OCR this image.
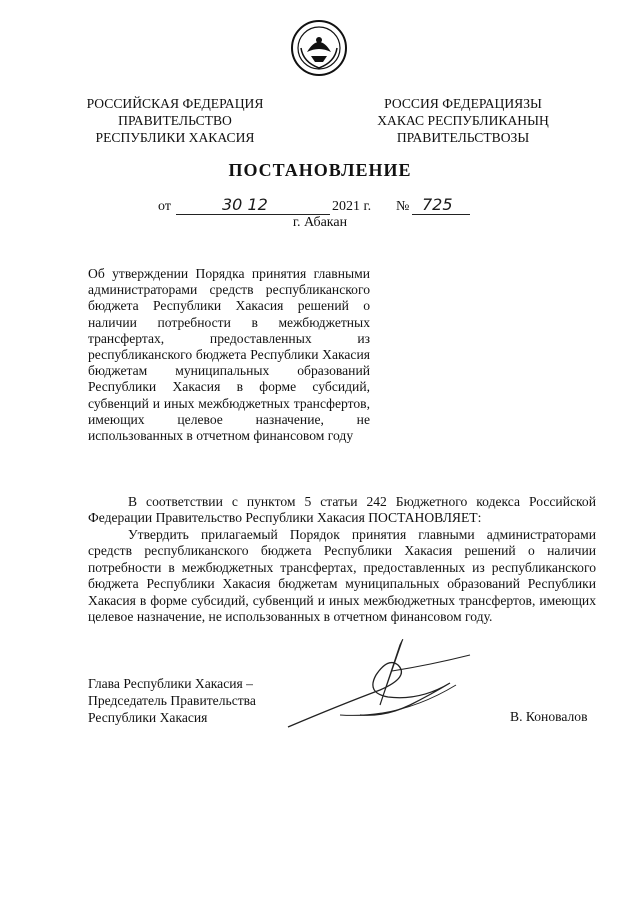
РОССИЙСКАЯ ФЕДЕРАЦИЯ
ПРАВИТЕЛЬСТВО
РЕСПУБЛИКИ ХАКАСИЯ
РОССИЯ ФЕДЕРАЦИЯЗЫ
ХАКАС РЕСПУБЛИКАНЫҢ
ПРАВИТЕЛЬСТВОЗЫ
ПОСТАНОВЛЕНИЕ
от	30 12	2021 г. № 725
г. Абакан
Об утверждении Порядка принятия главными администраторами средств республиканского бюджета Республики Хакасия решений о наличии потребности в межбюджетных трансфертах, предоставленных из республиканского бюджета Республики Хакасия бюджетам муниципальных образований Республики Хакасия в форме субсидий, субвенций и иных межбюджетных трансфертов, имеющих целевое назначение, не использованных в отчетном финансовом году
В соответствии с пунктом 5 статьи 242 Бюджетного кодекса Российской Федерации Правительство Республики Хакасия ПОСТАНОВЛЯЕТ:
Утвердить прилагаемый Порядок принятия главными администраторами средств республиканского бюджета Республики Хакасия решений о наличии потребности в межбюджетных трансфертах, предоставленных из республиканского бюджета Республики Хакасия бюджетам муниципальных образований Республики Хакасия в форме субсидий, субвенций и иных межбюджетных трансфертов, имеющих целевое назначение, не использованных в отчетном финансовом году.
Глава Республики Хакасия –
Председатель Правительства
Республики Хакасия	В. Коновалов
